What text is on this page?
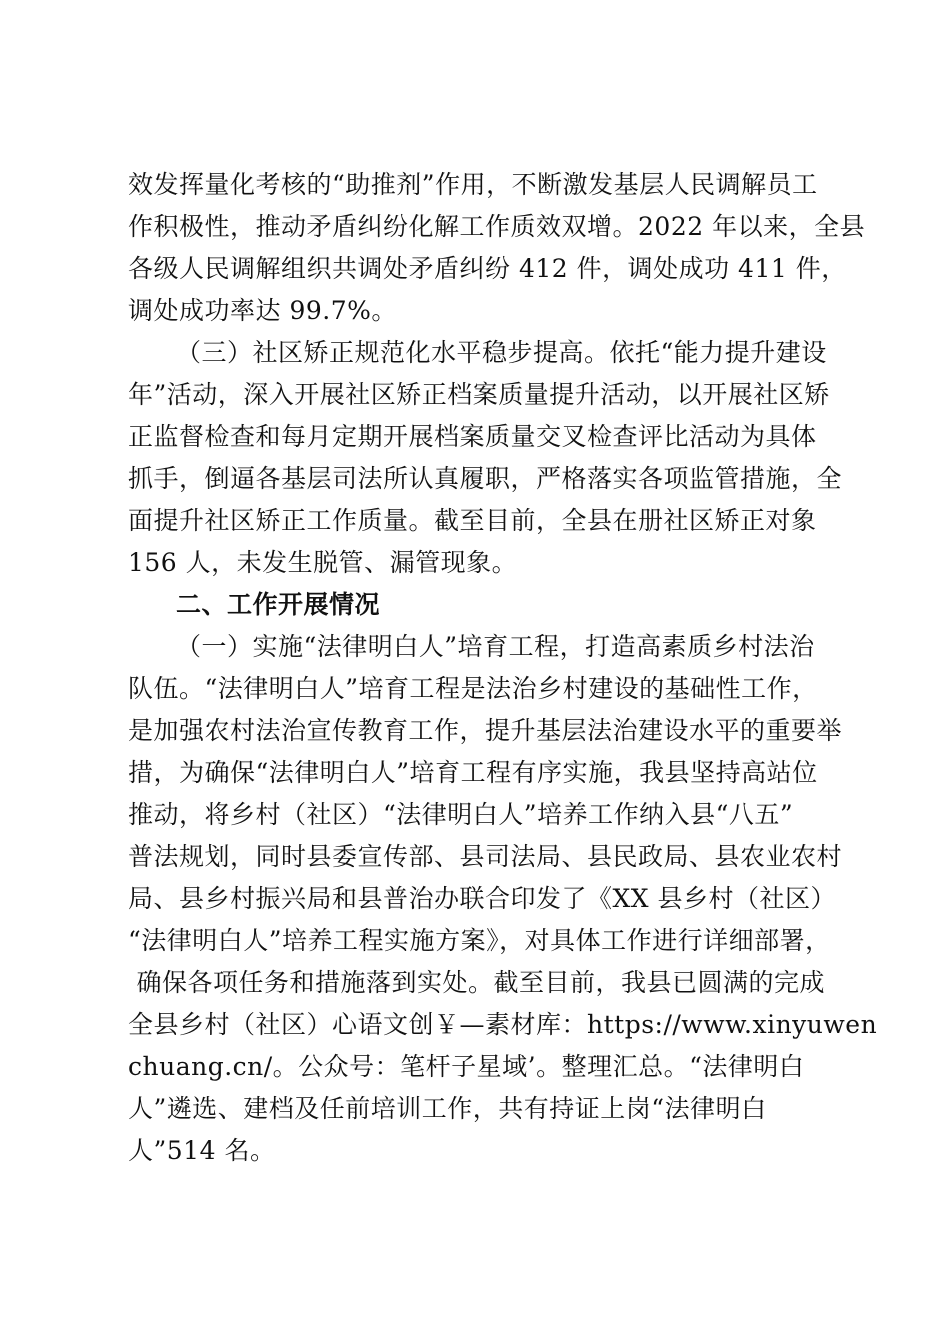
效发挥量化考核的“助推剂”作用，不断激发基层人民调解员工
作积极性，推动矛盾纠纷化解工作质效双增。2022 年以来，全县
各级人民调解组织共调处矛盾纠纷 412 件，调处成功 411 件，
调处成功率达 99.7%。
（三）社区矫正规范化水平稳步提高。依托“能力提升建设
年”活动，深入开展社区矫正档案质量提升活动，以开展社区矫
正监督检查和每月定期开展档案质量交叉检查评比活动为具体
抓手，倒逼各基层司法所认真履职，严格落实各项监管措施，全
面提升社区矫正工作质量。截至目前，全县在册社区矫正对象
156 人，未发生脱管、漏管现象。
二、工作开展情况
（一）实施“法律明白人”培育工程，打造高素质乡村法治
队伍。“法律明白人”培育工程是法治乡村建设的基础性工作，
是加强农村法治宣传教育工作，提升基层法治建设水平的重要举
措，为确保“法律明白人”培育工程有序实施，我县坚持高站位
推动，将乡村（社区）“法律明白人”培养工作纳入县“八五”
普法规划，同时县委宣传部、县司法局、县民政局、县农业农村
局、县乡村振兴局和县普治办联合印发了《XX 县乡村（社区）
“法律明白人”培养工程实施方案》，对具体工作进行详细部署，
确保各项任务和措施落到实处。截至目前，我县已圆满的完成
全县乡村（社区）心语文创￥—素材库：https://www.xinyuwen
chuang.cn/。公众号：笔杆子星域’。整理汇总。“法律明白
人”遴选、建档及任前培训工作，共有持证上岗“法律明白
人”514 名。
